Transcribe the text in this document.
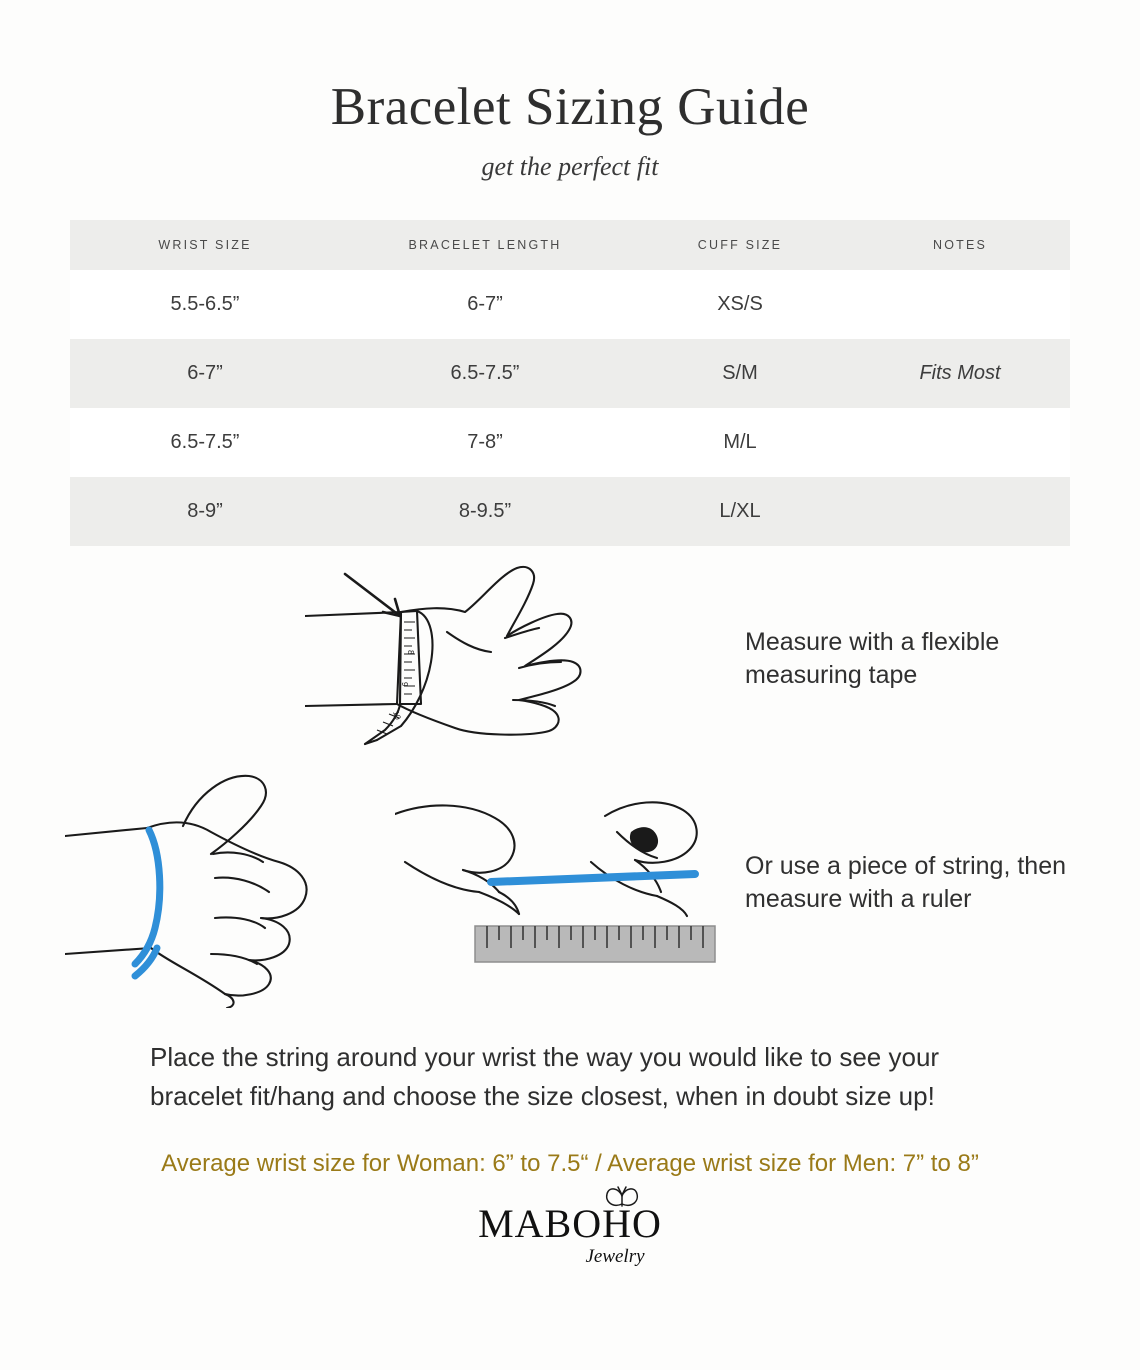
Bracelet Sizing Guide
get the perfect fit
WRIST SIZE	BRACELET LENGTH	CUFF SIZE	NOTES
5.5-6.5”	6-7”	XS/S	
6-7”	6.5-7.5”	S/M	Fits Most
6.5-7.5”	7-8”	M/L	
8-9”	8-9.5”	L/XL	
8
9
10
Measure with a flexible measuring tape
Or use a piece of string, then measure with a ruler
Place the string around your wrist the way you would like to see your bracelet fit/hang and choose the size closest, when in doubt size up!
Average wrist size for Woman: 6” to 7.5“ / Average wrist size for Men: 7” to 8”
MABOHO
Jewelry
